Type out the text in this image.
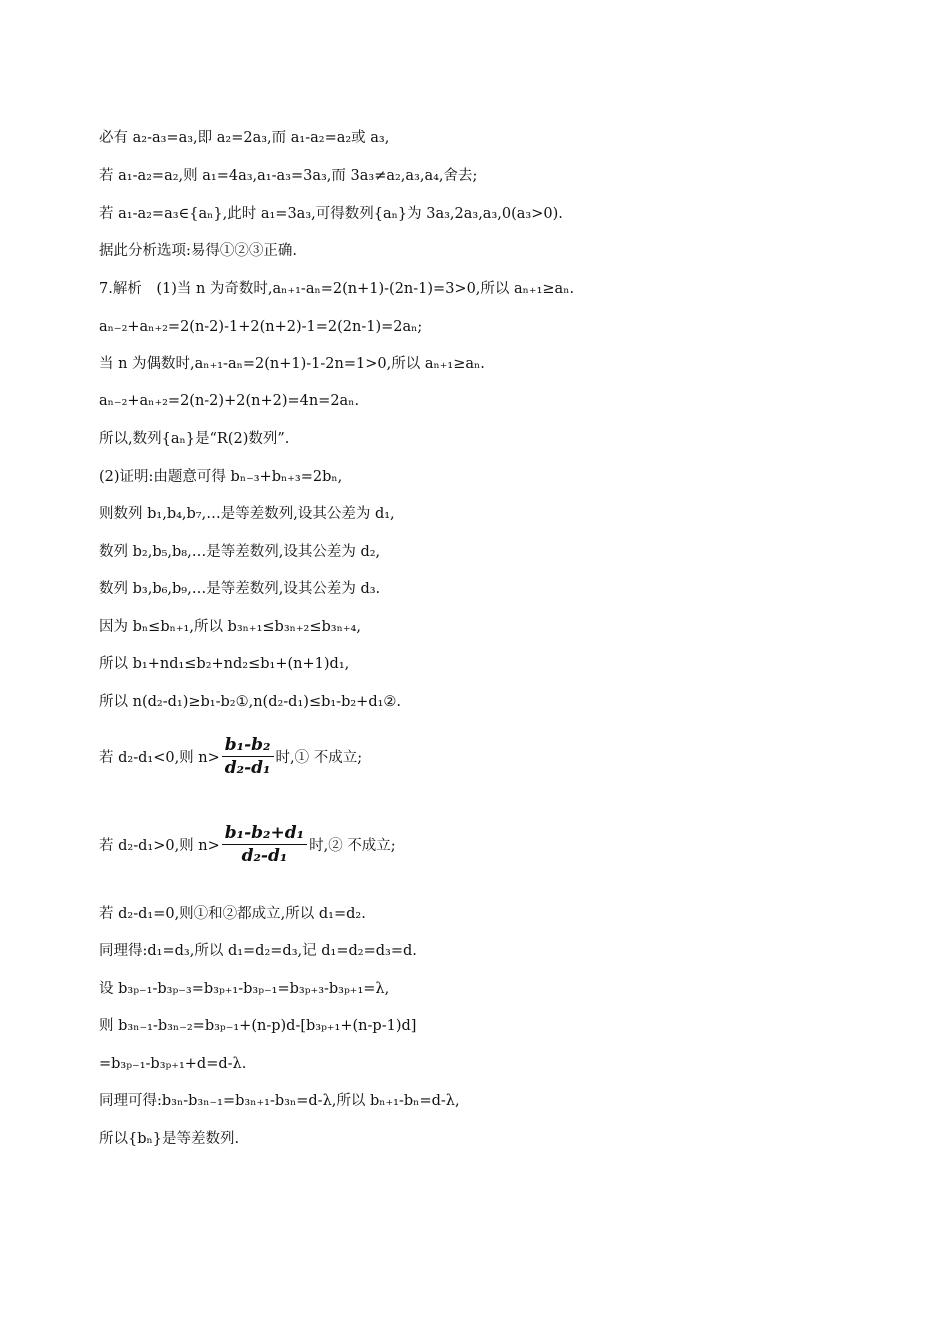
必有 a₂-a₃=a₃,即 a₂=2a₃,而 a₁-a₂=a₂或 a₃,
若 a₁-a₂=a₂,则 a₁=4a₃,a₁-a₃=3a₃,而 3a₃≠a₂,a₃,a₄,舍去;
若 a₁-a₂=a₃∈{aₙ},此时 a₁=3a₃,可得数列{aₙ}为 3a₃,2a₃,a₃,0(a₃>0).
据此分析选项:易得①②③正确.
7.解析　(1)当 n 为奇数时,aₙ₊₁-aₙ=2(n+1)-(2n-1)=3>0,所以 aₙ₊₁≥aₙ.
aₙ₋₂+aₙ₊₂=2(n-2)-1+2(n+2)-1=2(2n-1)=2aₙ;
当 n 为偶数时,aₙ₊₁-aₙ=2(n+1)-1-2n=1>0,所以 aₙ₊₁≥aₙ.
aₙ₋₂+aₙ₊₂=2(n-2)+2(n+2)=4n=2aₙ.
所以,数列{aₙ}是“R(2)数列”.
(2)证明:由题意可得 bₙ₋₃+bₙ₊₃=2bₙ,
则数列 b₁,b₄,b₇,…是等差数列,设其公差为 d₁,
数列 b₂,b₅,b₈,…是等差数列,设其公差为 d₂,
数列 b₃,b₆,b₉,…是等差数列,设其公差为 d₃.
因为 bₙ≤bₙ₊₁,所以 b₃ₙ₊₁≤b₃ₙ₊₂≤b₃ₙ₊₄,
所以 b₁+nd₁≤b₂+nd₂≤b₁+(n+1)d₁,
所以 n(d₂-d₁)≥b₁-b₂①,n(d₂-d₁)≤b₁-b₂+d₁②.
若 d₂-d₁<0,则 $n> \frac{\text{b₁-b₂}}{\text{d₂-d₁}}$ 时,① 不成立;
若 d₂-d₁>0,则 $n> \frac{\text{b₁-b₂+d₁}}{\text{d₂-d₁}}$ 时,② 不成立;
若 d₂-d₁=0,则①和②都成立,所以 d₁=d₂.
同理得:d₁=d₃,所以 d₁=d₂=d₃,记 d₁=d₂=d₃=d.
设 b₃ₚ₋₁-b₃ₚ₋₃=b₃ₚ₊₁-b₃ₚ₋₁=b₃ₚ₊₃-b₃ₚ₊₁=λ,
则 b₃ₙ₋₁-b₃ₙ₋₂=b₃ₚ₋₁+(n-p)d-[b₃ₚ₊₁+(n-p-1)d]
=b₃ₚ₋₁-b₃ₚ₊₁+d=d-λ.
同理可得:b₃ₙ-b₃ₙ₋₁=b₃ₙ₊₁-b₃ₙ=d-λ,所以 bₙ₊₁-bₙ=d-λ,
所以{bₙ}是等差数列.
